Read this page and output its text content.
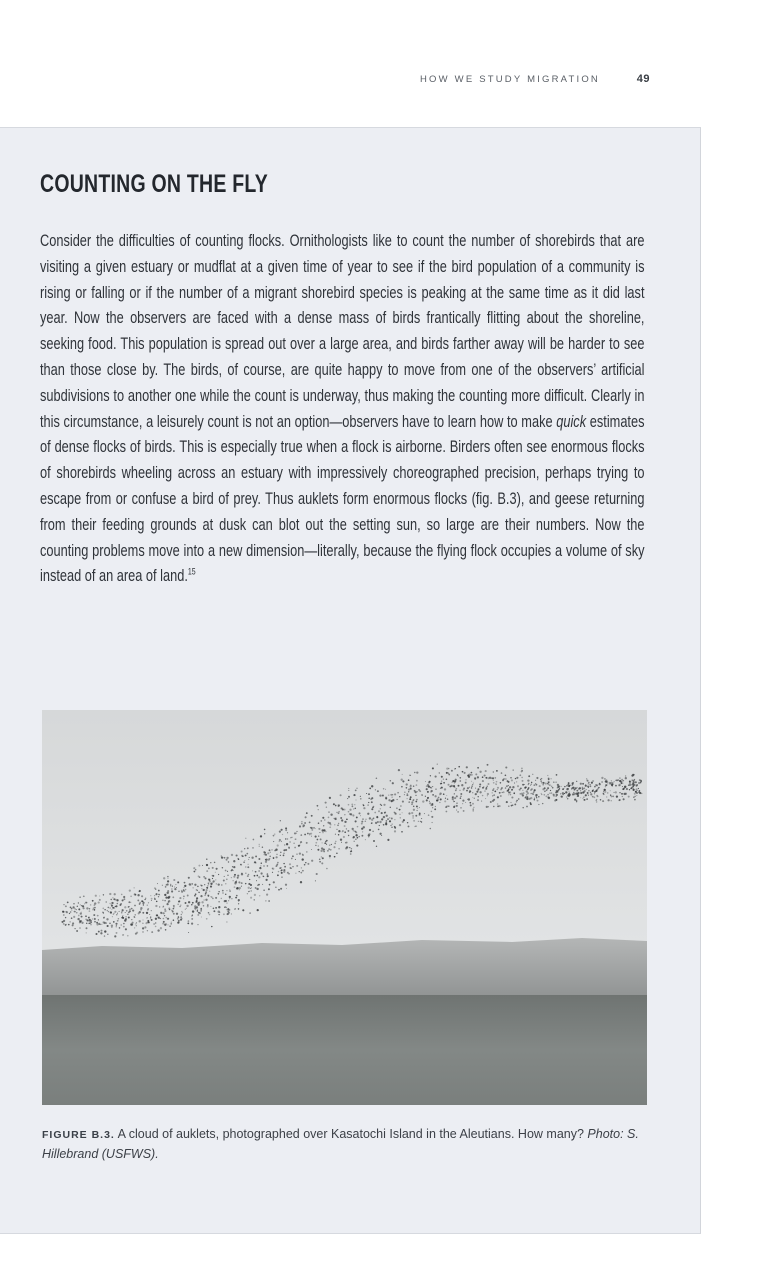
HOW WE STUDY MIGRATION	49
COUNTING ON THE FLY

Consider the difficulties of counting flocks. Ornithologists like to count the number of shorebirds that are visiting a given estuary or mudflat at a given time of year to see if the bird population of a community is rising or falling or if the number of a migrant shorebird species is peaking at the same time as it did last year. Now the observers are faced with a dense mass of birds frantically flitting about the shoreline, seeking food. This population is spread out over a large area, and birds farther away will be harder to see than those close by. The birds, of course, are quite happy to move from one of the observers’ artificial subdivisions to another one while the count is underway, thus making the counting more difficult. Clearly in this circumstance, a leisurely count is not an option—observers have to learn how to make quick estimates of dense flocks of birds. This is especially true when a flock is airborne. Birders often see enormous flocks of shorebirds wheeling across an estuary with impressively choreographed precision, perhaps trying to escape from or confuse a bird of prey. Thus auklets form enormous flocks (fig. B.3), and geese returning from their feeding grounds at dusk can blot out the setting sun, so large are their numbers. Now the counting problems move into a new dimension—literally, because the flying flock occupies a volume of sky instead of an area of land.$^{15}$

FIGURE B.3. A cloud of auklets, photographed over Kasatochi Island in the Aleutians. How many? Photo: S. Hillebrand (USFWS).
